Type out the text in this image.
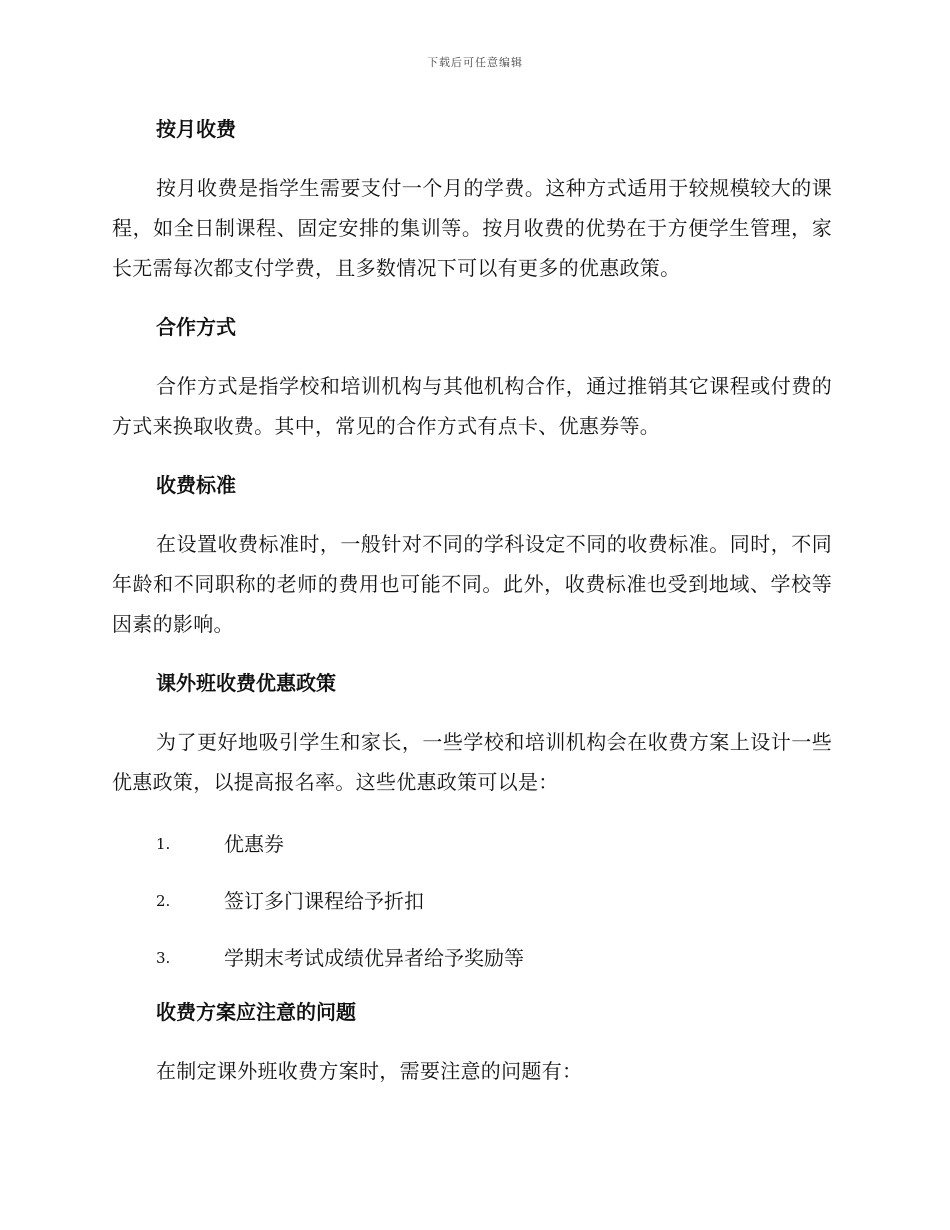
下载后可任意编辑
按月收费

按月收费是指学生需要支付一个月的学费。这种方式适用于较规模较大的课程，如全日制课程、固定安排的集训等。按月收费的优势在于方便学生管理，家长无需每次都支付学费，且多数情况下可以有更多的优惠政策。

合作方式

合作方式是指学校和培训机构与其他机构合作，通过推销其它课程或付费的方式来换取收费。其中，常见的合作方式有点卡、优惠券等。

收费标准

在设置收费标准时，一般针对不同的学科设定不同的收费标准。同时，不同年龄和不同职称的老师的费用也可能不同。此外，收费标准也受到地域、学校等因素的影响。

课外班收费优惠政策

为了更好地吸引学生和家长，一些学校和培训机构会在收费方案上设计一些优惠政策，以提高报名率。这些优惠政策可以是：

1.	优惠券
2.	签订多门课程给予折扣
3.	学期末考试成绩优异者给予奖励等
收费方案应注意的问题

在制定课外班收费方案时，需要注意的问题有：
